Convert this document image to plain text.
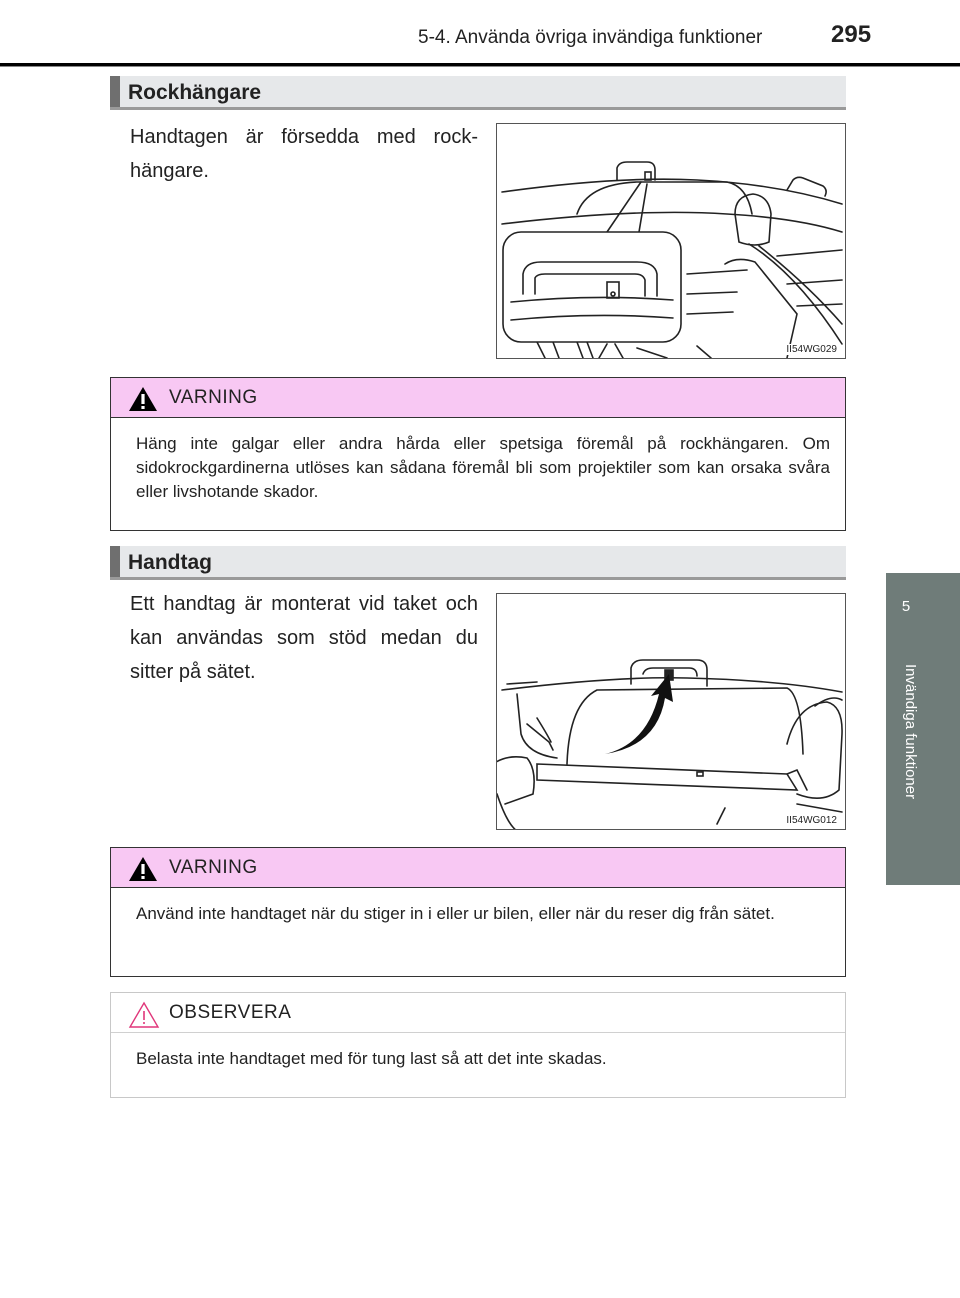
5-4. Använda övriga invändiga funktioner	295
5
Invändiga funktioner
Rockhängare
Handtagen är försedda med rock-hängare.
II54WG029
VARNING
Häng inte galgar eller andra hårda eller spetsiga föremål på rockhängaren. Om sidokrockgardinerna utlöses kan sådana föremål bli som projektiler som kan orsaka svåra eller livshotande skador.
Handtag
Ett handtag är monterat vid taket och kan användas som stöd medan du sitter på sätet.
II54WG012
VARNING
Använd inte handtaget när du stiger in i eller ur bilen, eller när du reser dig från sätet.
OBSERVERA
Belasta inte handtaget med för tung last så att det inte skadas.
